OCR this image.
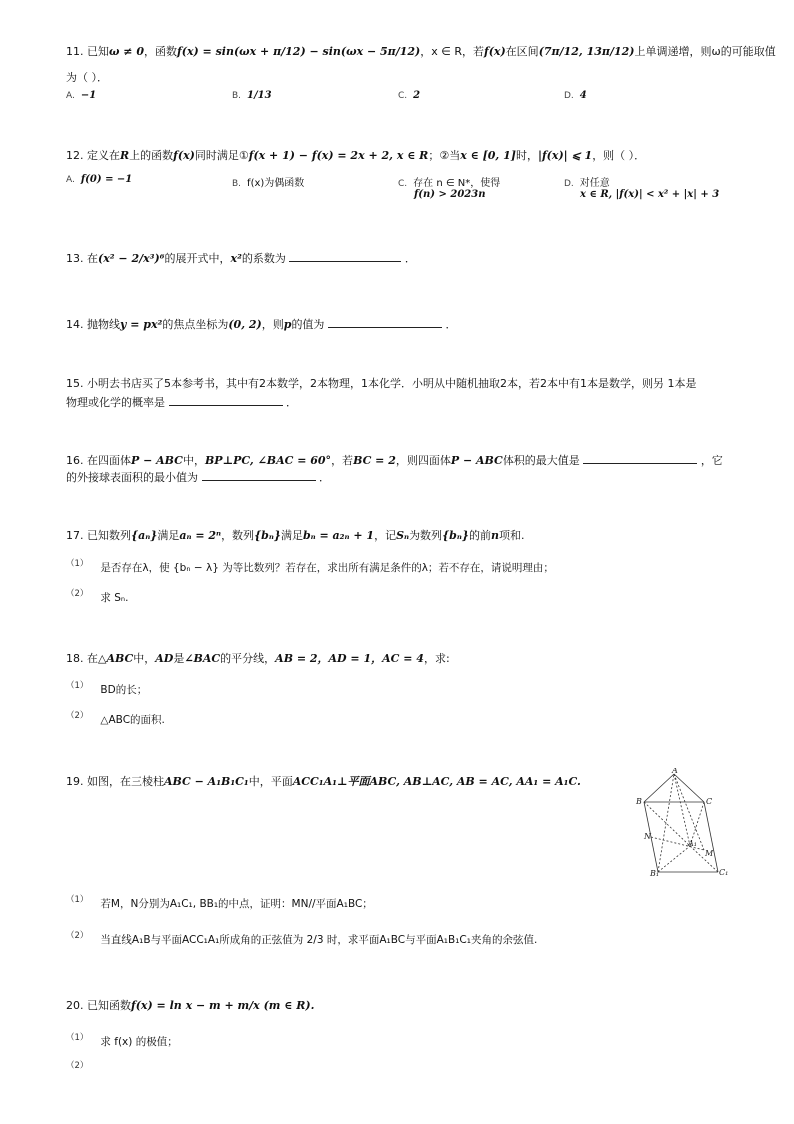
11. 已知ω ≠ 0，函数f(x) = sin(ωx + π/12) − sin(ωx − 5π/12)，x ∈ R，若f(x)在区间(7π/12, 13π/12)上单调递增，则ω的可能取值
为（ ）．
A. −1	B. 1/13	C. 2	D. 4
12. 定义在R上的函数f(x)同时满足①f(x + 1) − f(x) = 2x + 2, x ∈ R；②当x ∈ [0, 1]时，|f(x)| ⩽ 1，则（ ）．
A. f(0) = −1	B. f(x)为偶函数	C. 存在 n ∈ N*，使得
f(n) > 2023n
D. 对任意
x ∈ R, |f(x)| < x² + |x| + 3
13. 在(x² − 2/x³)⁶的展开式中，x²的系数为	．
14. 抛物线y = px²的焦点坐标为(0, 2)，则p的值为	．
15. 小明去书店买了5本参考书，其中有2本数学，2本物理，1本化学．小明从中随机抽取2本，若2本中有1本是数学，则另 1本是
物理或化学的概率是	．
16. 在四面体P − ABC中，BP⊥PC, ∠BAC = 60°，若BC = 2，则四面体P − ABC体积的最大值是	，它
的外接球表面积的最小值为	．
17. 已知数列{aₙ}满足aₙ = 2ⁿ，数列{bₙ}满足bₙ = a₂ₙ + 1，记Sₙ为数列{bₙ}的前n项和.
$^{(1)}$ 是否存在λ，使 {bₙ − λ} 为等比数列？若存在，求出所有满足条件的λ；若不存在，请说明理由；
$^{(2)}$ 求 Sₙ.
18. 在△ABC中，AD是∠BAC的平分线，AB = 2，AD = 1，AC = 4，求:
$^{(1)}$ BD的长；
$^{(2)}$ △ABC的面积.
19. 如图，在三棱柱ABC − A₁B₁C₁中，平面ACC₁A₁⊥平面ABC, AB⊥AC, AB = AC, AA₁ = A₁C.
A
B	C
N
A₁
M
B₁	C₁
$^{(1)}$ 若M，N分别为A₁C₁, BB₁的中点，证明：MN//平面A₁BC；
$^{(2)}$ 当直线A₁B与平面ACC₁A₁所成角的正弦值为 2/3 时，求平面A₁BC与平面A₁B₁C₁夹角的余弦值.
20. 已知函数f(x) = ln x − m + m/x (m ∈ R).
$^{(1)}$ 求 f(x) 的极值；
$^{(2)}$
